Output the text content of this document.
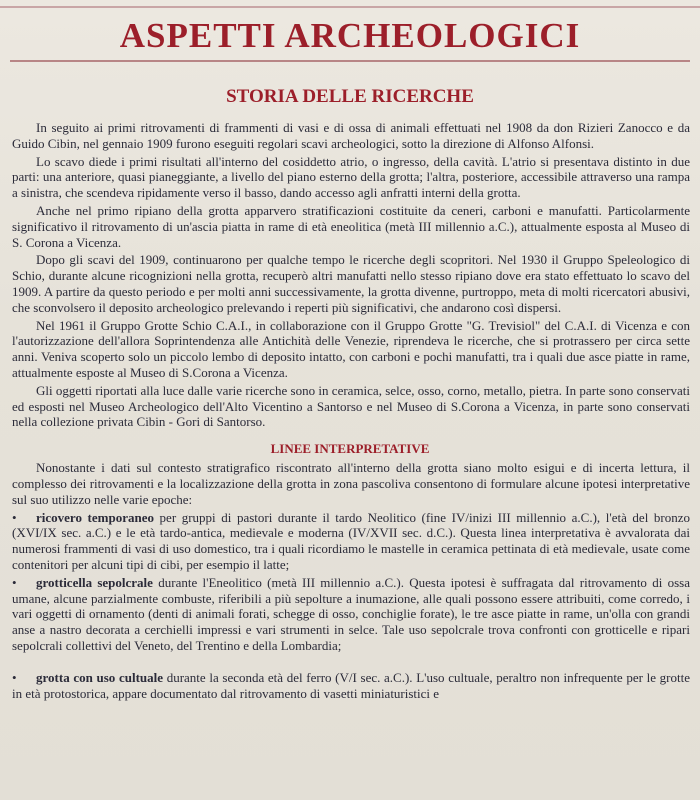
ASPETTI ARCHEOLOGICI
STORIA DELLE RICERCHE

In seguito ai primi ritrovamenti di frammenti di vasi e di ossa di animali effettuati nel 1908 da don Rizieri Zanocco e da Guido Cibin, nel gennaio 1909 furono eseguiti regolari scavi archeologici, sotto la direzione di Alfonso Alfonsi.

Lo scavo diede i primi risultati all'interno del cosiddetto atrio, o ingresso, della cavità. L'atrio si presentava distinto in due parti: una anteriore, quasi pianeggiante, a livello del piano esterno della grotta; l'altra, posteriore, accessibile attraverso una rampa a sinistra, che scendeva ripidamente verso il basso, dando accesso agli anfratti interni della grotta.

Anche nel primo ripiano della grotta apparvero stratificazioni costituite da ceneri, carboni e manufatti. Particolarmente significativo il ritrovamento di un'ascia piatta in rame di età eneolitica (metà III millennio a.C.), attualmente esposta al Museo di S. Corona a Vicenza.

Dopo gli scavi del 1909, continuarono per qualche tempo le ricerche degli scopritori. Nel 1930 il Gruppo Speleologico di Schio, durante alcune ricognizioni nella grotta, recuperò altri manufatti nello stesso ripiano dove era stato effettuato lo scavo del 1909. A partire da questo periodo e per molti anni successivamente, la grotta divenne, purtroppo, meta di molti ricercatori abusivi, che sconvolsero il deposito archeologico prelevando i reperti più significativi, che andarono così dispersi.

Nel 1961 il Gruppo Grotte Schio C.A.I., in collaborazione con il Gruppo Grotte "G. Trevisiol" del C.A.I. di Vicenza e con l'autorizzazione dell'allora Soprintendenza alle Antichità delle Venezie, riprendeva le ricerche, che si protrassero per circa sette anni. Veniva scoperto solo un piccolo lembo di deposito intatto, con carboni e pochi manufatti, tra i quali due asce piatte in rame, attualmente esposte al Museo di S.Corona a Vicenza.

Gli oggetti riportati alla luce dalle varie ricerche sono in ceramica, selce, osso, corno, metallo, pietra. In parte sono conservati ed esposti nel Museo Archeologico dell'Alto Vicentino a Santorso e nel Museo di S.Corona a Vicenza, in parte sono conservati nella collezione privata Cibin - Gori di Santorso.

LINEE INTERPRETATIVE

Nonostante i dati sul contesto stratigrafico riscontrato all'interno della grotta siano molto esigui e di incerta lettura, il complesso dei ritrovamenti e la localizzazione della grotta in zona pascoliva consentono di formulare alcune ipotesi interpretative sul suo utilizzo nelle varie epoche:

• ricovero temporaneo per gruppi di pastori durante il tardo Neolitico (fine IV/inizi III millennio a.C.), l'età del bronzo (XVI/IX sec. a.C.) e le età tardo-antica, medievale e moderna (IV/XVII sec. d.C.). Questa linea interpretativa è avvalorata dai numerosi frammenti di vasi di uso domestico, tra i quali ricordiamo le mastelle in ceramica pettinata di età medievale, usate come contenitori per alcuni tipi di cibi, per esempio il latte;

• grotticella sepolcrale durante l'Eneolitico (metà III millennio a.C.). Questa ipotesi è suffragata dal ritrovamento di ossa umane, alcune parzialmente combuste, riferibili a più sepolture a inumazione, alle quali possono essere attribuiti, come corredo, i vari oggetti di ornamento (denti di animali forati, schegge di osso, conchiglie forate), le tre asce piatte in rame, un'olla con grandi anse a nastro decorata a cerchielli impressi e vari strumenti in selce. Tale uso sepolcrale trova confronti con grotticelle e ripari sepolcrali collettivi del Veneto, del Trentino e della Lombardia;

• grotta con uso cultuale durante la seconda età del ferro (V/I sec. a.C.). L'uso cultuale, peraltro non infrequente per le grotte in età protostorica, appare documentato dal ritrovamento di vasetti miniaturistici e
